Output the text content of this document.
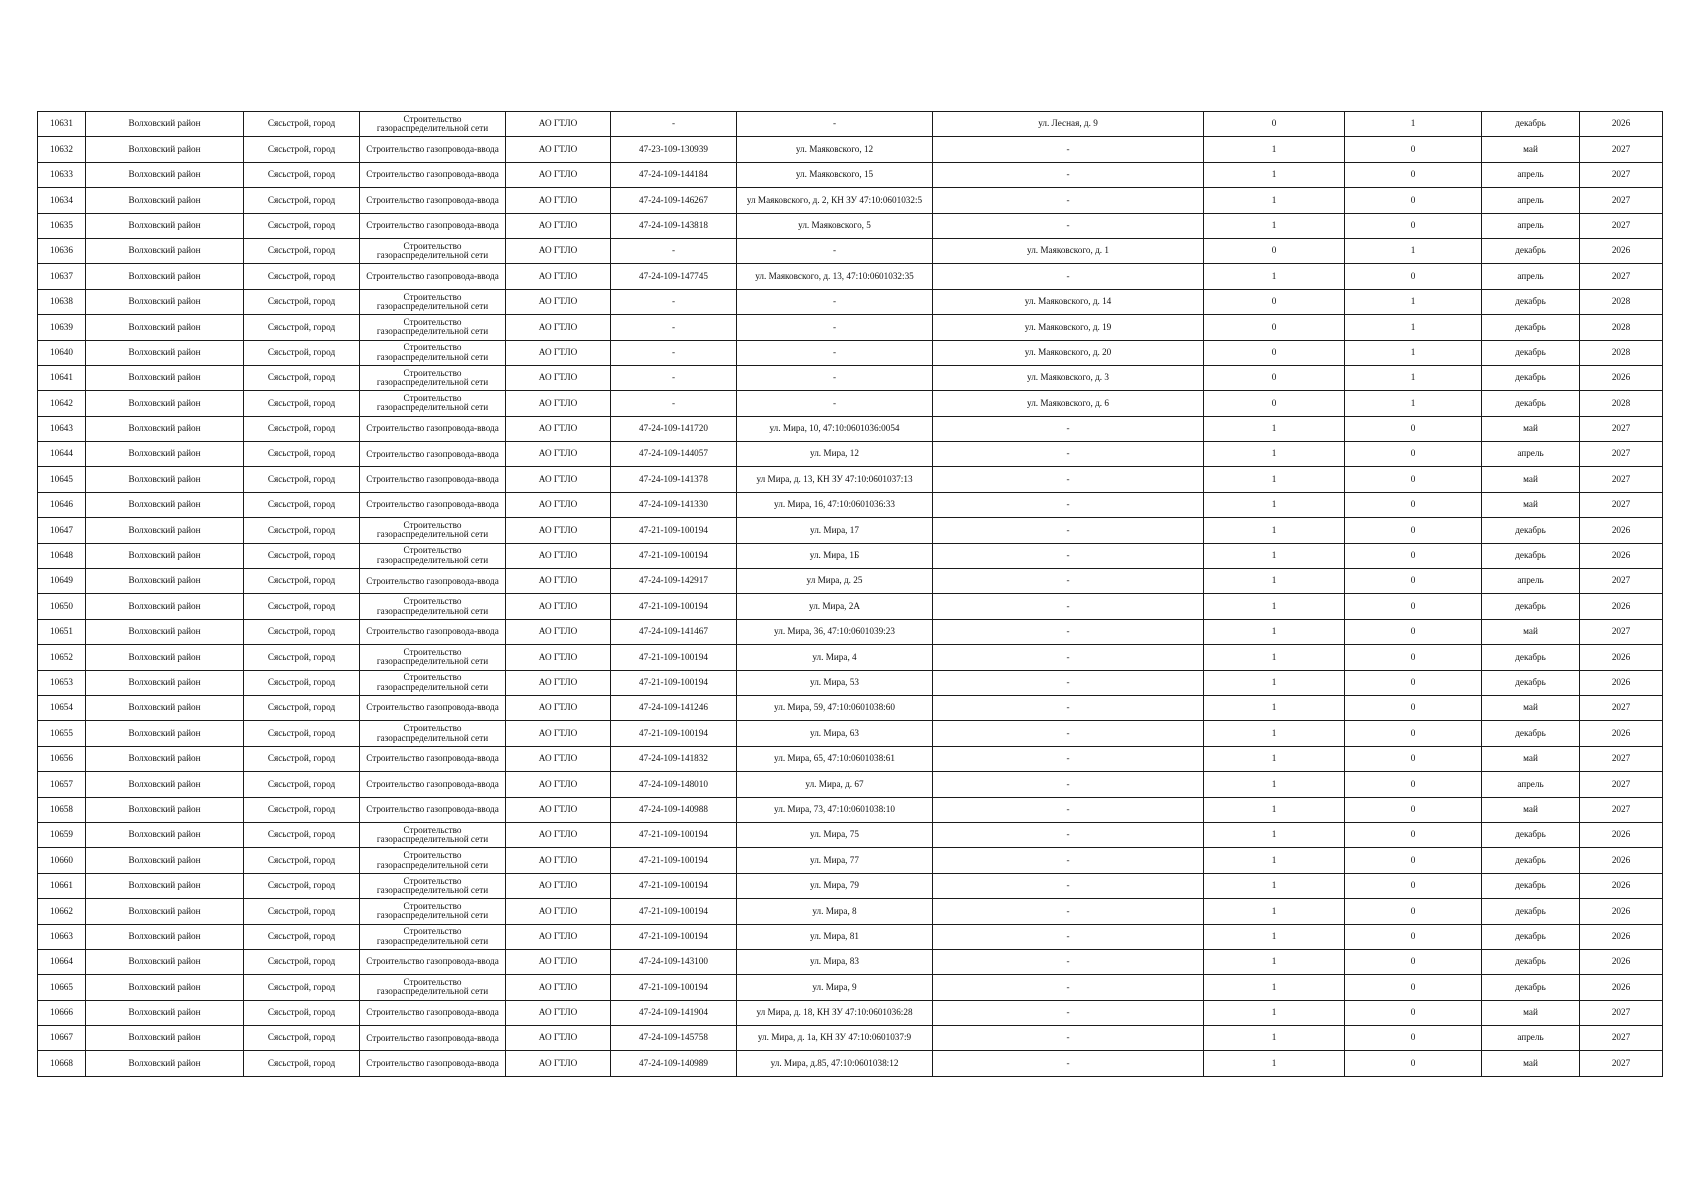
10631	Волховский район	Сясьстрой, город	Строительство газораспределительной сети	АО ГТЛО	-	-	ул. Лесная, д. 9	0	1	декабрь	2026
10632	Волховский район	Сясьстрой, город	Строительство газопровода-ввода	АО ГТЛО	47-23-109-130939	ул. Маяковского, 12	-	1	0	май	2027
10633	Волховский район	Сясьстрой, город	Строительство газопровода-ввода	АО ГТЛО	47-24-109-144184	ул. Маяковского, 15	-	1	0	апрель	2027
10634	Волховский район	Сясьстрой, город	Строительство газопровода-ввода	АО ГТЛО	47-24-109-146267	ул Маяковского, д. 2, КН ЗУ 47:10:0601032:5	-	1	0	апрель	2027
10635	Волховский район	Сясьстрой, город	Строительство газопровода-ввода	АО ГТЛО	47-24-109-143818	ул. Маяковского, 5	-	1	0	апрель	2027
10636	Волховский район	Сясьстрой, город	Строительство газораспределительной сети	АО ГТЛО	-	-	ул. Маяковского, д. 1	0	1	декабрь	2026
10637	Волховский район	Сясьстрой, город	Строительство газопровода-ввода	АО ГТЛО	47-24-109-147745	ул. Маяковского, д. 13, 47:10:0601032:35	-	1	0	апрель	2027
10638	Волховский район	Сясьстрой, город	Строительство газораспределительной сети	АО ГТЛО	-	-	ул. Маяковского, д. 14	0	1	декабрь	2028
10639	Волховский район	Сясьстрой, город	Строительство газораспределительной сети	АО ГТЛО	-	-	ул. Маяковского, д. 19	0	1	декабрь	2028
10640	Волховский район	Сясьстрой, город	Строительство газораспределительной сети	АО ГТЛО	-	-	ул. Маяковского, д. 20	0	1	декабрь	2028
10641	Волховский район	Сясьстрой, город	Строительство газораспределительной сети	АО ГТЛО	-	-	ул. Маяковского, д. 3	0	1	декабрь	2026
10642	Волховский район	Сясьстрой, город	Строительство газораспределительной сети	АО ГТЛО	-	-	ул. Маяковского, д. 6	0	1	декабрь	2028
10643	Волховский район	Сясьстрой, город	Строительство газопровода-ввода	АО ГТЛО	47-24-109-141720	ул. Мира, 10, 47:10:0601036:0054	-	1	0	май	2027
10644	Волховский район	Сясьстрой, город	Строительство газопровода-ввода	АО ГТЛО	47-24-109-144057	ул. Мира, 12	-	1	0	апрель	2027
10645	Волховский район	Сясьстрой, город	Строительство газопровода-ввода	АО ГТЛО	47-24-109-141378	ул Мира, д. 13, КН ЗУ 47:10:0601037:13	-	1	0	май	2027
10646	Волховский район	Сясьстрой, город	Строительство газопровода-ввода	АО ГТЛО	47-24-109-141330	ул. Мира, 16, 47:10:0601036:33	-	1	0	май	2027
10647	Волховский район	Сясьстрой, город	Строительство газораспределительной сети	АО ГТЛО	47-21-109-100194	ул. Мира, 17	-	1	0	декабрь	2026
10648	Волховский район	Сясьстрой, город	Строительство газораспределительной сети	АО ГТЛО	47-21-109-100194	ул. Мира, 1Б	-	1	0	декабрь	2026
10649	Волховский район	Сясьстрой, город	Строительство газопровода-ввода	АО ГТЛО	47-24-109-142917	ул Мира, д. 25	-	1	0	апрель	2027
10650	Волховский район	Сясьстрой, город	Строительство газораспределительной сети	АО ГТЛО	47-21-109-100194	ул. Мира, 2А	-	1	0	декабрь	2026
10651	Волховский район	Сясьстрой, город	Строительство газопровода-ввода	АО ГТЛО	47-24-109-141467	ул. Мира, 36, 47:10:0601039:23	-	1	0	май	2027
10652	Волховский район	Сясьстрой, город	Строительство газораспределительной сети	АО ГТЛО	47-21-109-100194	ул. Мира, 4	-	1	0	декабрь	2026
10653	Волховский район	Сясьстрой, город	Строительство газораспределительной сети	АО ГТЛО	47-21-109-100194	ул. Мира, 53	-	1	0	декабрь	2026
10654	Волховский район	Сясьстрой, город	Строительство газопровода-ввода	АО ГТЛО	47-24-109-141246	ул. Мира, 59, 47:10:0601038:60	-	1	0	май	2027
10655	Волховский район	Сясьстрой, город	Строительство газораспределительной сети	АО ГТЛО	47-21-109-100194	ул. Мира, 63	-	1	0	декабрь	2026
10656	Волховский район	Сясьстрой, город	Строительство газопровода-ввода	АО ГТЛО	47-24-109-141832	ул. Мира, 65, 47:10:0601038:61	-	1	0	май	2027
10657	Волховский район	Сясьстрой, город	Строительство газопровода-ввода	АО ГТЛО	47-24-109-148010	ул. Мира, д. 67	-	1	0	апрель	2027
10658	Волховский район	Сясьстрой, город	Строительство газопровода-ввода	АО ГТЛО	47-24-109-140988	ул. Мира, 73, 47:10:0601038:10	-	1	0	май	2027
10659	Волховский район	Сясьстрой, город	Строительство газораспределительной сети	АО ГТЛО	47-21-109-100194	ул. Мира, 75	-	1	0	декабрь	2026
10660	Волховский район	Сясьстрой, город	Строительство газораспределительной сети	АО ГТЛО	47-21-109-100194	ул. Мира, 77	-	1	0	декабрь	2026
10661	Волховский район	Сясьстрой, город	Строительство газораспределительной сети	АО ГТЛО	47-21-109-100194	ул. Мира, 79	-	1	0	декабрь	2026
10662	Волховский район	Сясьстрой, город	Строительство газораспределительной сети	АО ГТЛО	47-21-109-100194	ул. Мира, 8	-	1	0	декабрь	2026
10663	Волховский район	Сясьстрой, город	Строительство газораспределительной сети	АО ГТЛО	47-21-109-100194	ул. Мира, 81	-	1	0	декабрь	2026
10664	Волховский район	Сясьстрой, город	Строительство газопровода-ввода	АО ГТЛО	47-24-109-143100	ул. Мира, 83	-	1	0	декабрь	2026
10665	Волховский район	Сясьстрой, город	Строительство газораспределительной сети	АО ГТЛО	47-21-109-100194	ул. Мира, 9	-	1	0	декабрь	2026
10666	Волховский район	Сясьстрой, город	Строительство газопровода-ввода	АО ГТЛО	47-24-109-141904	ул Мира, д. 18, КН ЗУ 47:10:0601036:28	-	1	0	май	2027
10667	Волховский район	Сясьстрой, город	Строительство газопровода-ввода	АО ГТЛО	47-24-109-145758	ул. Мира, д. 1а, КН ЗУ 47:10:0601037:9	-	1	0	апрель	2027
10668	Волховский район	Сясьстрой, город	Строительство газопровода-ввода	АО ГТЛО	47-24-109-140989	ул. Мира, д.85, 47:10:0601038:12	-	1	0	май	2027
